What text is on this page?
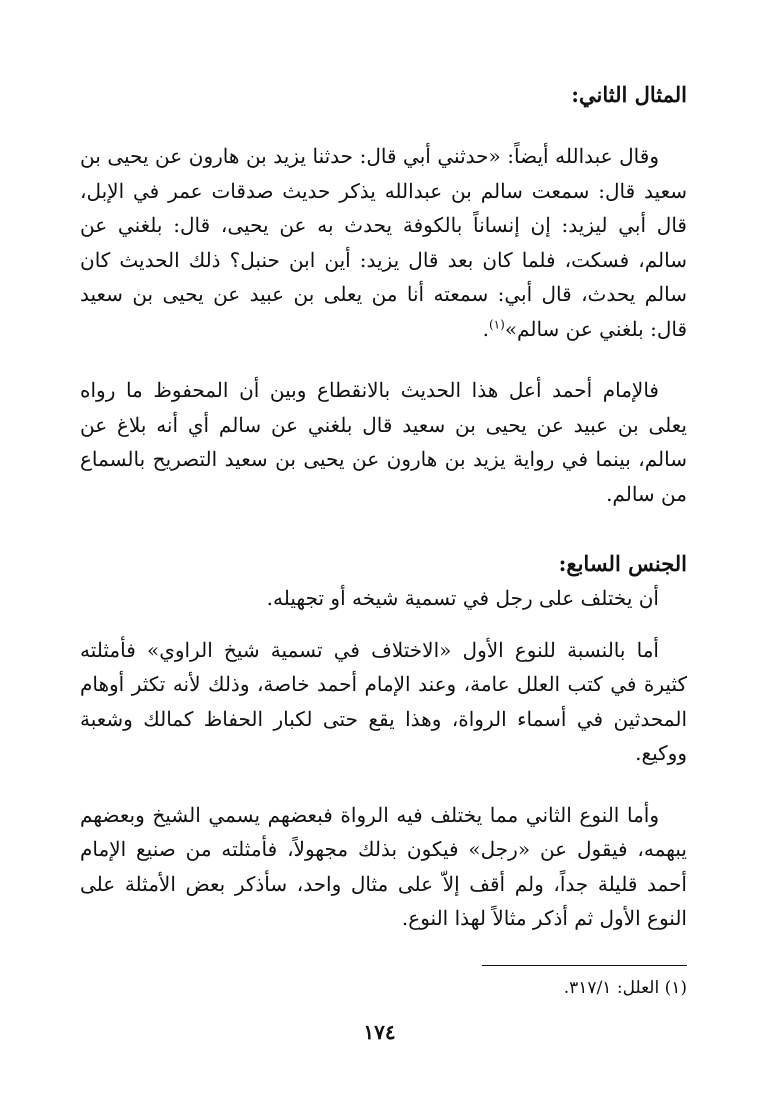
المثال الثاني:

وقال عبدالله أيضاً: «حدثني أبي قال: حدثنا يزيد بن هارون عن يحيى بن سعيد قال: سمعت سالم بن عبدالله يذكر حديث صدقات عمر في الإبل، قال أبي ليزيد: إن إنساناً بالكوفة يحدث به عن يحيى، قال: بلغني عن سالم، فسكت، فلما كان بعد قال يزيد: أين ابن حنبل؟ ذلك الحديث كان سالم يحدث، قال أبي: سمعته أنا من يعلى بن عبيد عن يحيى بن سعيد قال: بلغني عن سالم»$^{(١)}$.

فالإمام أحمد أعل هذا الحديث بالانقطاع وبين أن المحفوظ ما رواه يعلى بن عبيد عن يحيى بن سعيد قال بلغني عن سالم أي أنه بلاغ عن سالم، بينما في رواية يزيد بن هارون عن يحيى بن سعيد التصريح بالسماع من سالم.

الجنس السابع:

أن يختلف على رجل في تسمية شيخه أو تجهيله.

أما بالنسبة للنوع الأول «الاختلاف في تسمية شيخ الراوي» فأمثلته كثيرة في كتب العلل عامة، وعند الإمام أحمد خاصة، وذلك لأنه تكثر أوهام المحدثين في أسماء الرواة، وهذا يقع حتى لكبار الحفاظ كمالك وشعبة ووكيع.

وأما النوع الثاني مما يختلف فيه الرواة فبعضهم يسمي الشيخ وبعضهم يبهمه، فيقول عن «رجل» فيكون بذلك مجهولاً، فأمثلته من صنيع الإمام أحمد قليلة جداً، ولم أقف إلاّ على مثال واحد، سأذكر بعض الأمثلة على النوع الأول ثم أذكر مثالاً لهذا النوع.

(١) العلل: ٣١٧/١.
١٧٤
